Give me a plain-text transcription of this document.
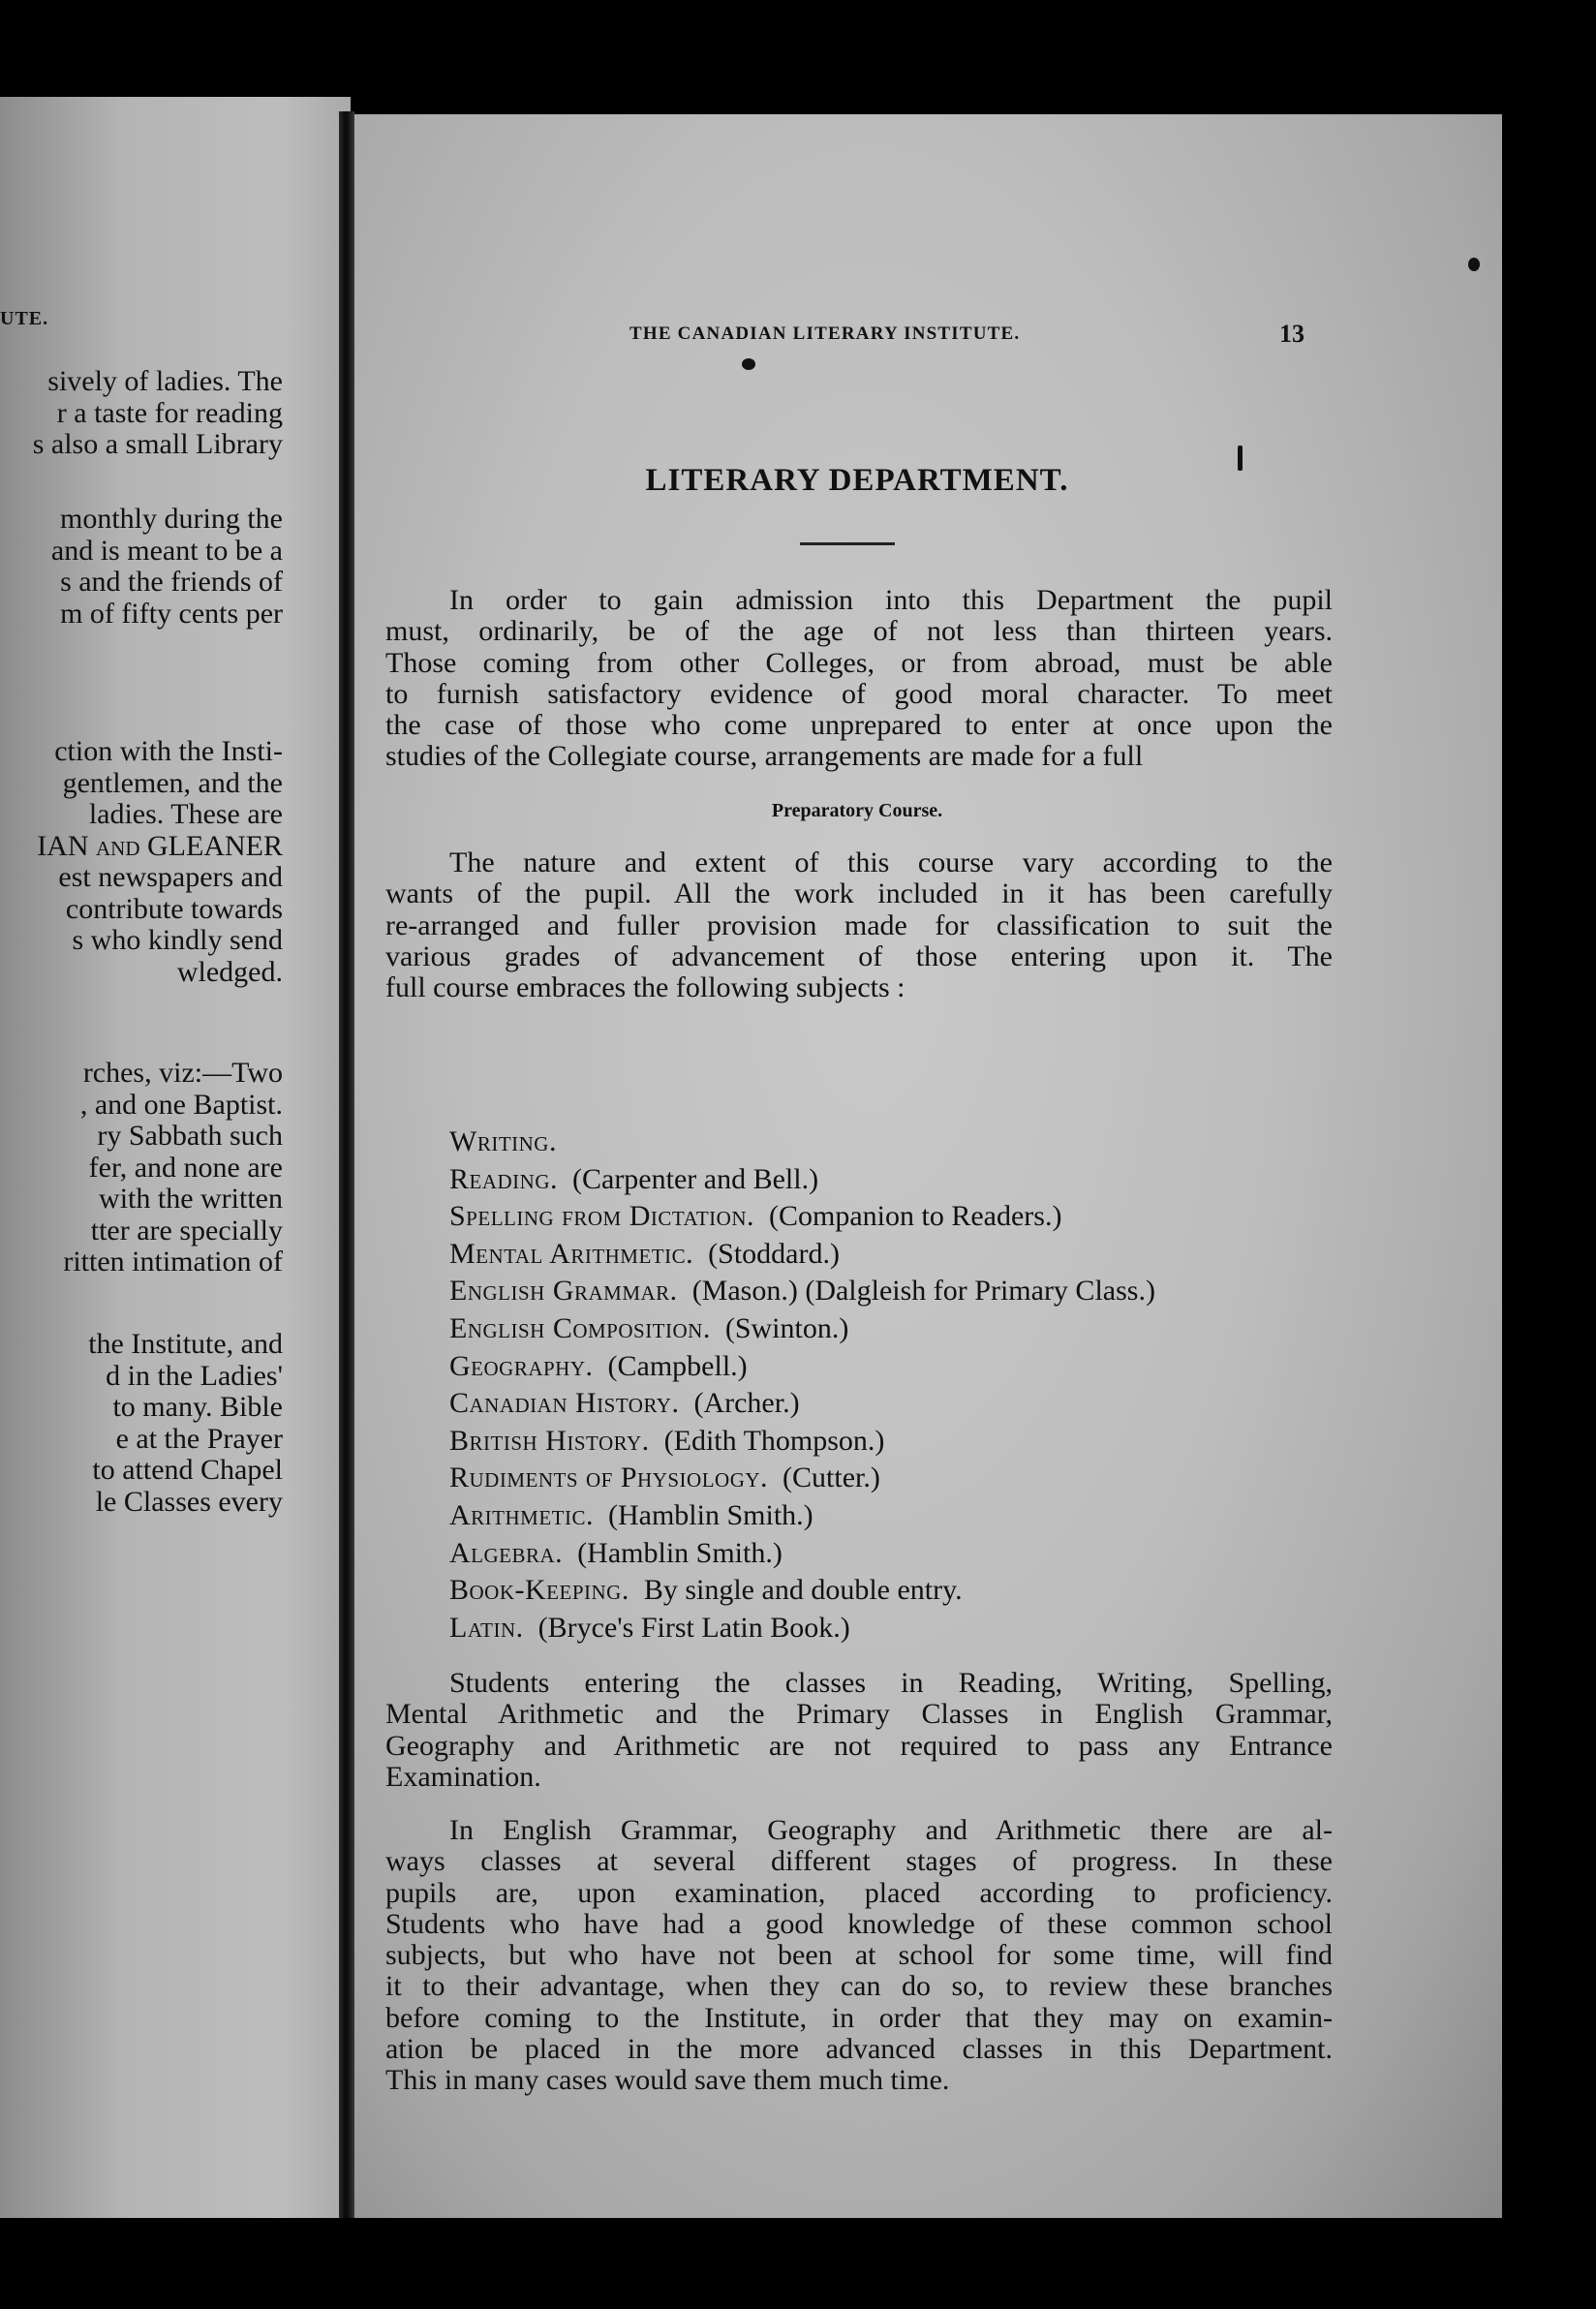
UTE.
sively of ladies. The
r a taste for reading
s also a small Library
monthly during the
and is meant to be a
s and the friends of
m of fifty cents per
ction with the Insti-
gentlemen, and the
ladies. These are
IAN and GLEANER
est newspapers and
contribute towards
s who kindly send
wledged.
rches, viz:—Two
, and one Baptist.
ry Sabbath such
fer, and none are
with the written
tter are specially
ritten intimation of
the Institute, and
d in the Ladies'
to many. Bible
e at the Prayer
to attend Chapel
le Classes every
THE CANADIAN LITERARY INSTITUTE.	13
LITERARY DEPARTMENT.
In order to gain admission into this Department the pupil
must, ordinarily, be of the age of not less than thirteen years.
Those coming from other Colleges, or from abroad, must be able
to furnish satisfactory evidence of good moral character. To meet
the case of those who come unprepared to enter at once upon the
studies of the Collegiate course, arrangements are made for a full
Preparatory Course.
The nature and extent of this course vary according to the
wants of the pupil. All the work included in it has been carefully
re-arranged and fuller provision made for classification to suit the
various grades of advancement of those entering upon it. The
full course embraces the following subjects :
Writing.
Reading. (Carpenter and Bell.)
Spelling from Dictation. (Companion to Readers.)
Mental Arithmetic. (Stoddard.)
English Grammar. (Mason.) (Dalgleish for Primary Class.)
English Composition. (Swinton.)
Geography. (Campbell.)
Canadian History. (Archer.)
British History. (Edith Thompson.)
Rudiments of Physiology. (Cutter.)
Arithmetic. (Hamblin Smith.)
Algebra. (Hamblin Smith.)
Book-Keeping. By single and double entry.
Latin. (Bryce's First Latin Book.)
Students entering the classes in Reading, Writing, Spelling,
Mental Arithmetic and the Primary Classes in English Grammar,
Geography and Arithmetic are not required to pass any Entrance
Examination.
In English Grammar, Geography and Arithmetic there are al-
ways classes at several different stages of progress. In these
pupils are, upon examination, placed according to proficiency.
Students who have had a good knowledge of these common school
subjects, but who have not been at school for some time, will find
it to their advantage, when they can do so, to review these branches
before coming to the Institute, in order that they may on examin-
ation be placed in the more advanced classes in this Department.
This in many cases would save them much time.
